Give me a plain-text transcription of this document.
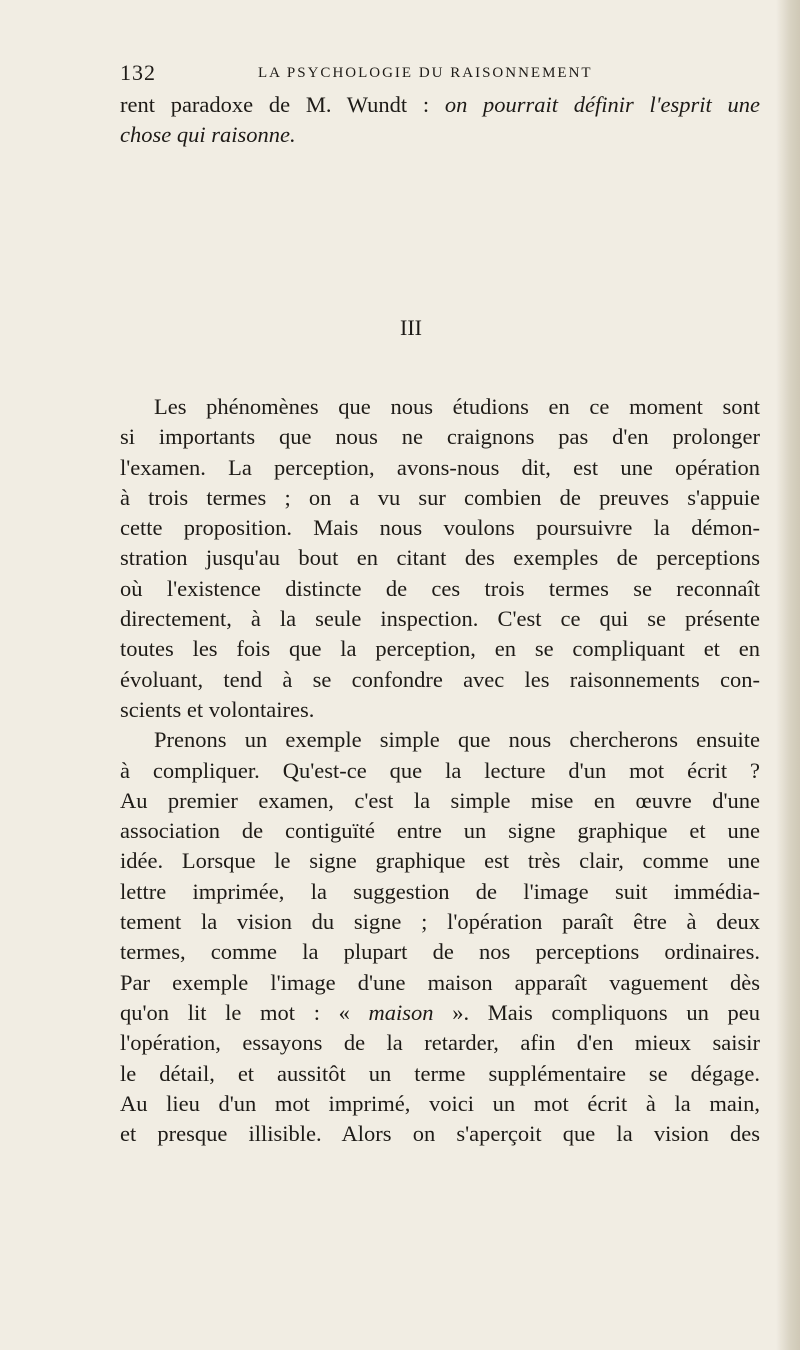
132	LA PSYCHOLOGIE DU RAISONNEMENT
rent paradoxe de M. Wundt : on pourrait définir l'esprit une
chose qui raisonne.
III
Les phénomènes que nous étudions en ce moment sont
si importants que nous ne craignons pas d'en prolonger
l'examen. La perception, avons-nous dit, est une opération
à trois termes ; on a vu sur combien de preuves s'appuie
cette proposition. Mais nous voulons poursuivre la démon-
stration jusqu'au bout en citant des exemples de perceptions
où l'existence distincte de ces trois termes se reconnaît
directement, à la seule inspection. C'est ce qui se présente
toutes les fois que la perception, en se compliquant et en
évoluant, tend à se confondre avec les raisonnements con-
scients et volontaires.
Prenons un exemple simple que nous chercherons ensuite
à compliquer. Qu'est-ce que la lecture d'un mot écrit ?
Au premier examen, c'est la simple mise en œuvre d'une
association de contiguïté entre un signe graphique et une
idée. Lorsque le signe graphique est très clair, comme une
lettre imprimée, la suggestion de l'image suit immédia-
tement la vision du signe ; l'opération paraît être à deux
termes, comme la plupart de nos perceptions ordinaires.
Par exemple l'image d'une maison apparaît vaguement dès
qu'on lit le mot : « maison ». Mais compliquons un peu
l'opération, essayons de la retarder, afin d'en mieux saisir
le détail, et aussitôt un terme supplémentaire se dégage.
Au lieu d'un mot imprimé, voici un mot écrit à la main,
et presque illisible. Alors on s'aperçoit que la vision des
